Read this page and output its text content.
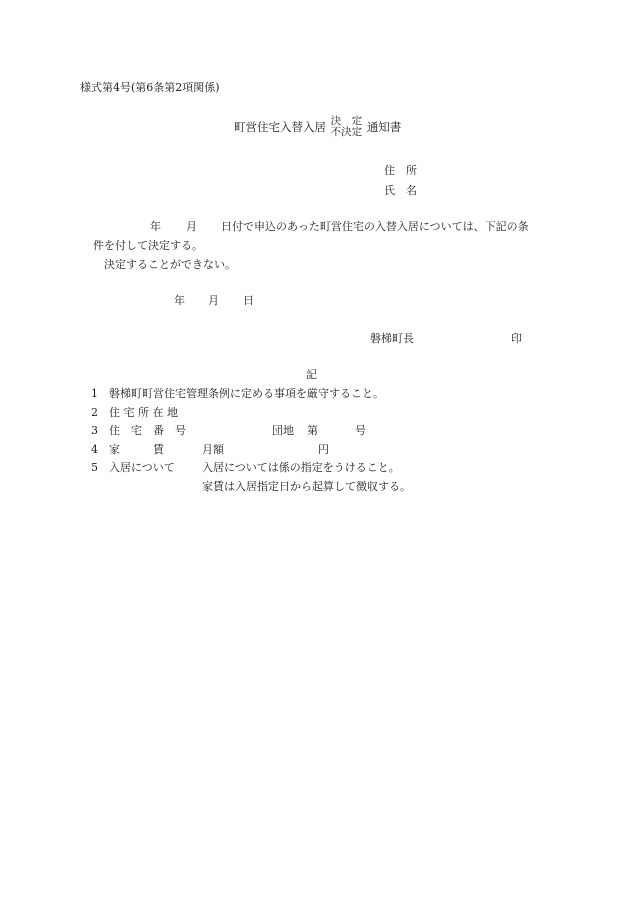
様式第4号(第6条第2項関係)
町営住宅入替入居 決　定
不決定 通知書
住　所
氏　名
年 月 日付で申込のあった町営住宅の入替入居については、下記の条
件を付して決定する。
決定することができない。
年 月 日
磐梯町長	印
記
1 磐梯町町営住宅管理条例に定める事項を厳守すること。
2 住 宅 所 在 地
3 住　宅　番　号	団地 第	号
4 家　　　賃	月額	円
5 入居について 入居については係の指定をうけること。
家賃は入居指定日から起算して徴収する。
